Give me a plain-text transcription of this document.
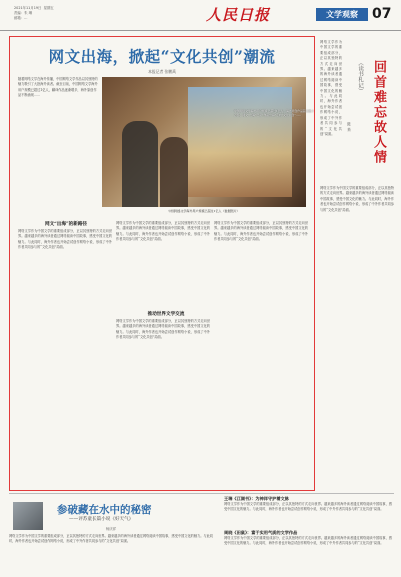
2021年11月19日  星期五
责编：朱 琳
邮箱：...	人民日报	文学观察	07
网文出海，掀起“文化共创”潮流
本报记者 张鹏禹
随着网络文学在海外传播，中国网络文学作品以其独特的魅力吸引了大批海外读者。截至目前，中国网络文学海外用户规模已超过1亿人，翻译作品逐渐增多，海外原创作品不断涌现……
中国网络文学海外用户规模已超过1亿人；海外原创作品超过数十万部；网文“出海”已从“作品出海”走向“文化共创”……
中国网络文学海外用户规模已超过1亿人（数据图片）
网文“出海”的新路径
推动世界文学交流
网络文学作为中国文学的重要组成部分，正以其独特的方式走向世界。越来越多的海外读者通过网络阅读中国故事，感受中国文化的魅力。与此同时，海外作者也开始尝试创作网络小说，形成了中外作者共同参与的“文化共创”局面。
网络文学作为中国文学的重要组成部分，正以其独特的方式走向世界。越来越多的海外读者通过网络阅读中国故事，感受中国文化的魅力。与此同时，海外作者也开始尝试创作网络小说，形成了中外作者共同参与的“文化共创”局面。
网络文学作为中国文学的重要组成部分，正以其独特的方式走向世界。越来越多的海外读者通过网络阅读中国故事，感受中国文化的魅力。与此同时，海外作者也开始尝试创作网络小说，形成了中外作者共同参与的“文化共创”局面。
网络文学作为中国文学的重要组成部分，正以其独特的方式走向世界。越来越多的海外读者通过网络阅读中国故事，感受中国文化的魅力。与此同时，海外作者也开始尝试创作网络小说，形成了中外作者共同参与的“文化共创”局面。
回首难忘故人情
（读书札记）
陈 来
网络文学作为中国文学的重要组成部分，正以其独特的方式走向世界。越来越多的海外读者通过网络阅读中国故事，感受中国文化的魅力。与此同时，海外作者也开始尝试创作网络小说，形成了中外作者共同参与的“文化共创”局面。
网络文学作为中国文学的重要组成部分，正以其独特的方式走向世界。越来越多的海外读者通过网络阅读中国故事，感受中国文化的魅力。与此同时，海外作者也开始尝试创作网络小说，形成了中外作者共同参与的“文化共创”局面。
参破藏在水中的秘密
——评苏童长篇小说《好天气》
杨庆祥
网络文学作为中国文学的重要组成部分，正以其独特的方式走向世界。越来越多的海外读者通过网络阅读中国故事，感受中国文化的魅力。与此同时，海外作者也开始尝试创作网络小说，形成了中外作者共同参与的“文化共创”局面。
王瑞《江湖书》：为神祥守护着文脉
网络文学作为中国文学的重要组成部分，正以其独特的方式走向世界。越来越多的海外读者通过网络阅读中国故事，感受中国文化的魅力。与此同时，海外作者也开始尝试创作网络小说，形成了中外作者共同参与的“文化共创”局面。
周晓《田鼠》：富于实用气质的文学作品
网络文学作为中国文学的重要组成部分，正以其独特的方式走向世界。越来越多的海外读者通过网络阅读中国故事，感受中国文化的魅力。与此同时，海外作者也开始尝试创作网络小说，形成了中外作者共同参与的“文化共创”局面。
